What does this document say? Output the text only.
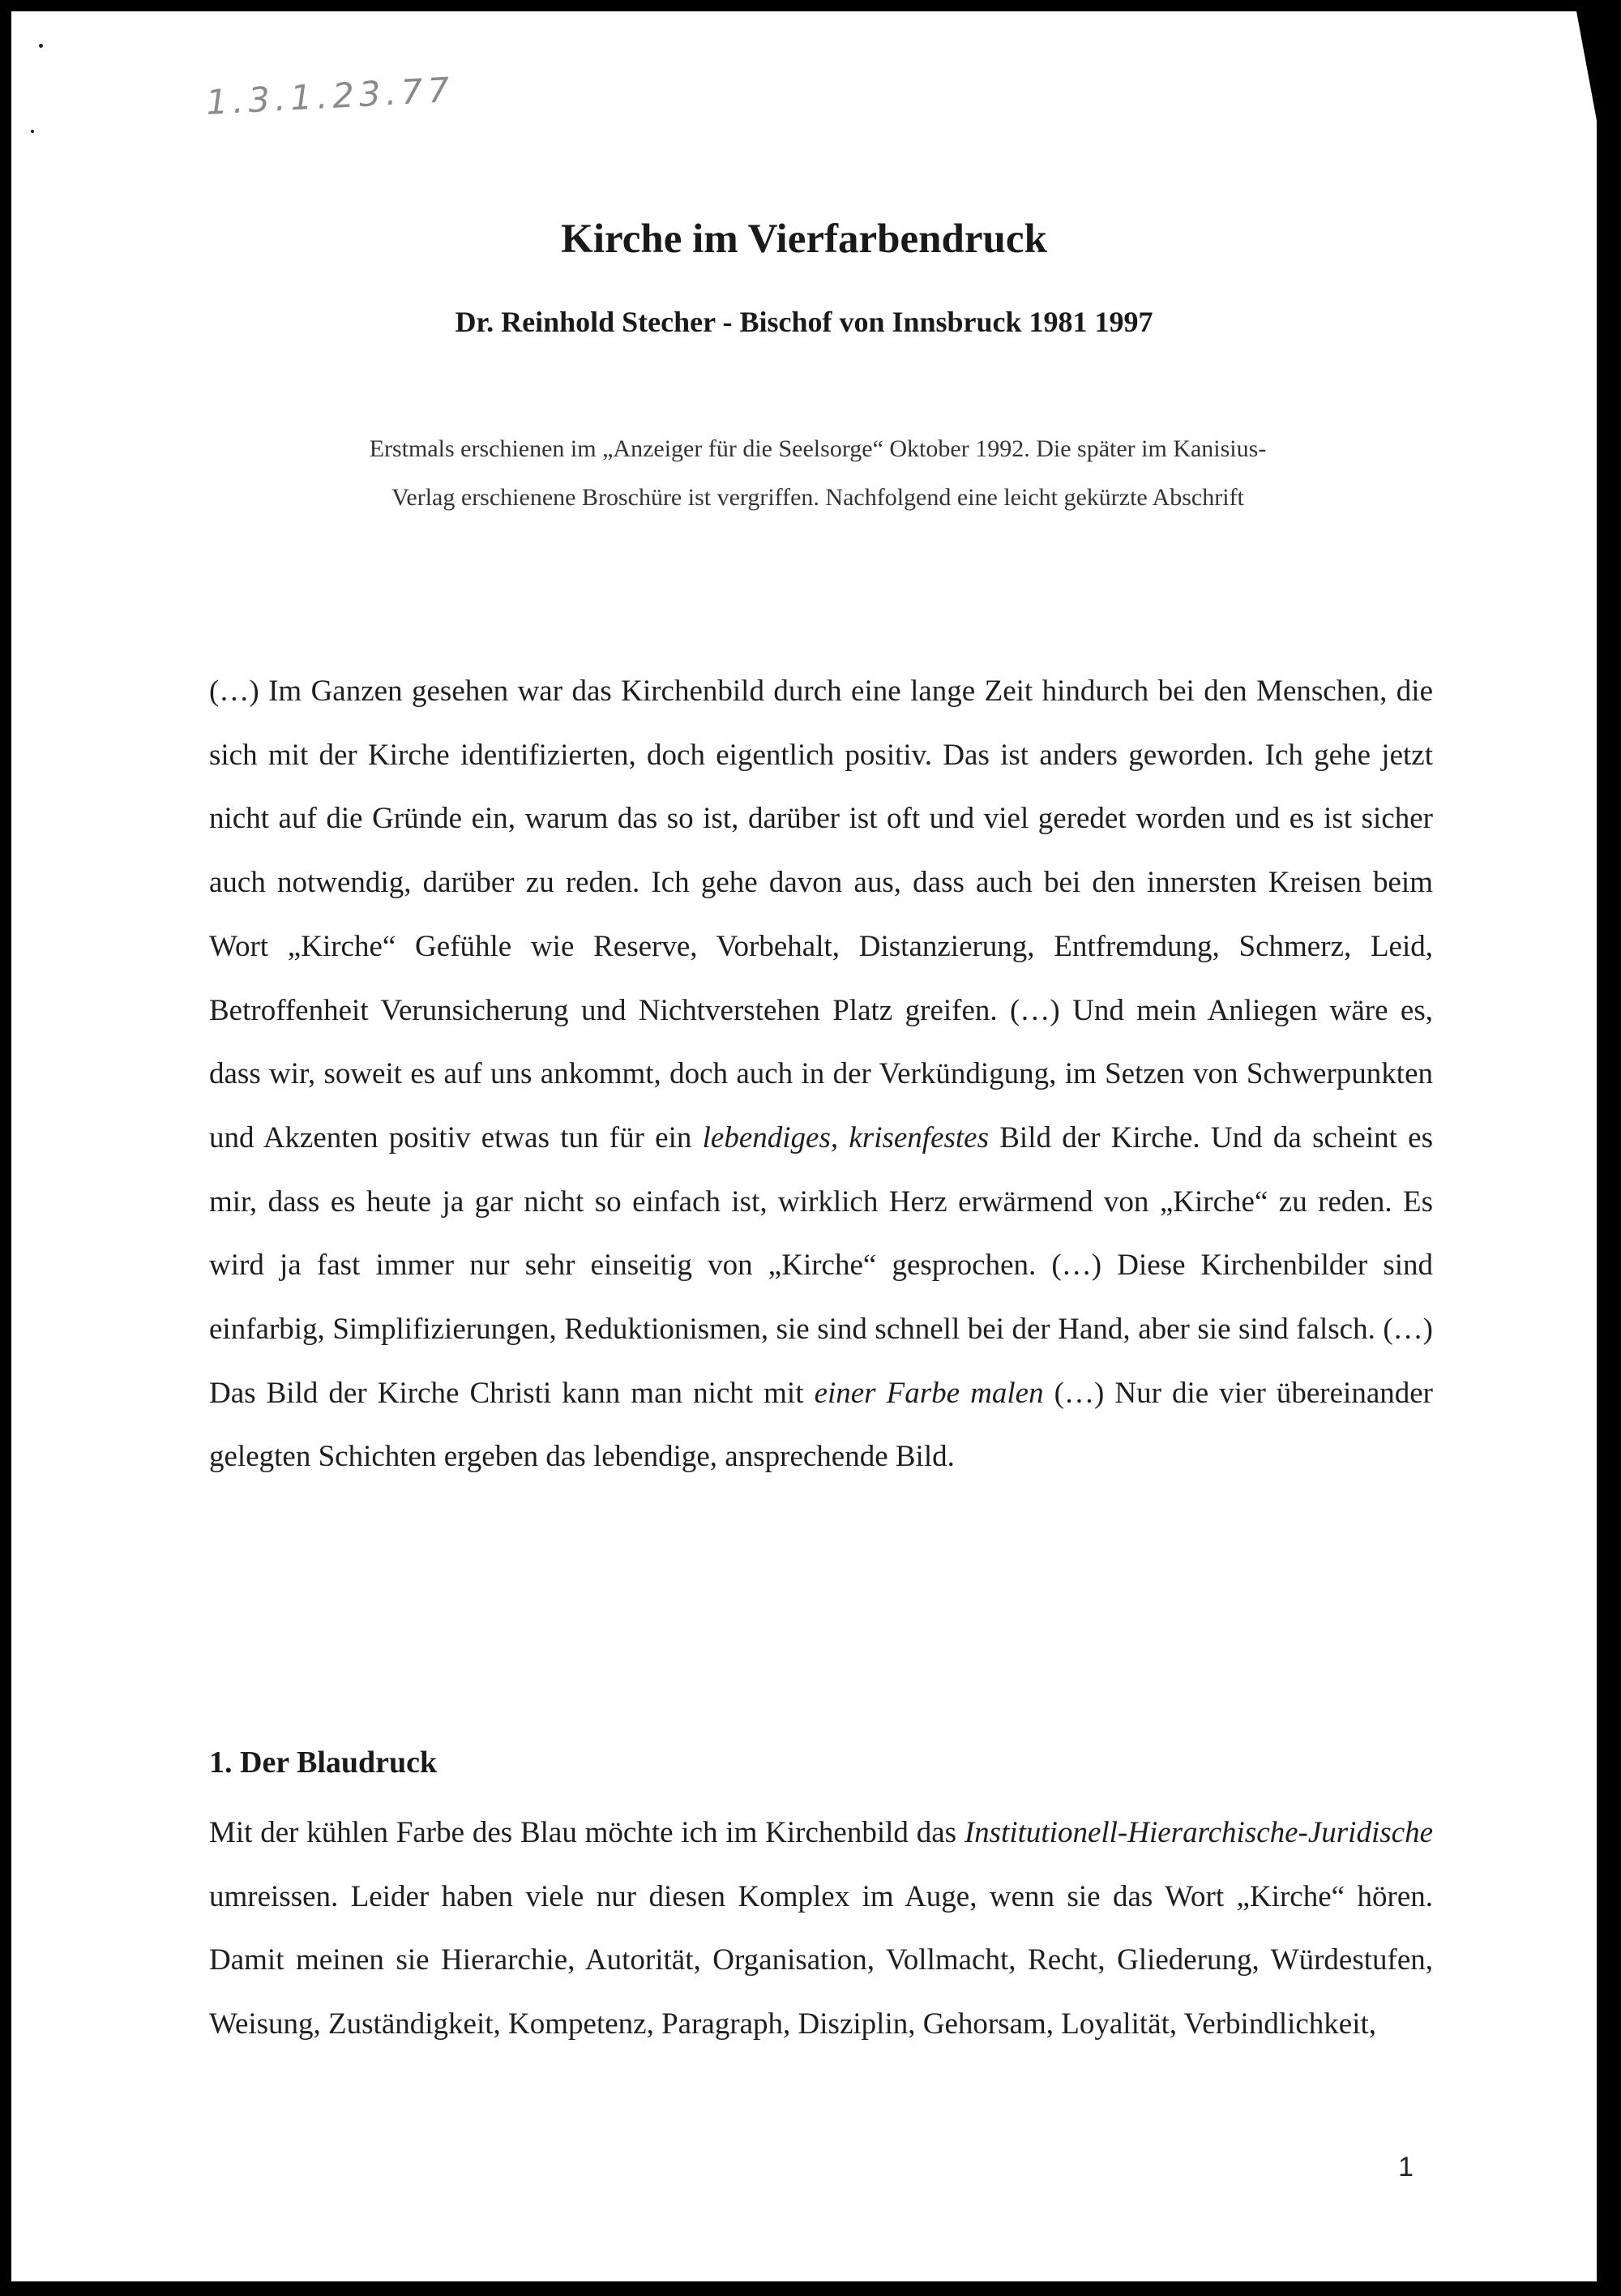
1.3.1.23.77
Kirche im Vierfarbendruck
Dr. Reinhold Stecher - Bischof von Innsbruck 1981 1997

Erstmals erschienen im „Anzeiger für die Seelsorge“ Oktober 1992. Die später im Kanisius-
Verlag erschienene Broschüre ist vergriffen. Nachfolgend eine leicht gekürzte Abschrift

(…) Im Ganzen gesehen war das Kirchenbild durch eine lange Zeit hindurch bei den Menschen, die sich mit der Kirche identifizierten, doch eigentlich positiv. Das ist anders geworden. Ich gehe jetzt nicht auf die Gründe ein, warum das so ist, darüber ist oft und viel geredet worden und es ist sicher auch notwendig, darüber zu reden. Ich gehe davon aus, dass auch bei den innersten Kreisen beim Wort „Kirche“ Gefühle wie Reserve, Vorbehalt, Distanzierung, Entfremdung, Schmerz, Leid, Betroffenheit Verunsicherung und Nichtverstehen Platz greifen. (…) Und mein Anliegen wäre es, dass wir, soweit es auf uns ankommt, doch auch in der Verkündigung, im Setzen von Schwerpunkten und Akzenten positiv etwas tun für ein lebendiges, krisenfestes Bild der Kirche. Und da scheint es mir, dass es heute ja gar nicht so einfach ist, wirklich Herz erwärmend von „Kirche“ zu reden. Es wird ja fast immer nur sehr einseitig von „Kirche“ gesprochen. (…) Diese Kirchenbilder sind einfarbig, Simplifizierungen, Reduktionismen, sie sind schnell bei der Hand, aber sie sind falsch. (…) Das Bild der Kirche Christi kann man nicht mit einer Farbe malen (…) Nur die vier übereinander gelegten Schichten ergeben das lebendige, ansprechende Bild.

1. Der Blaudruck

Mit der kühlen Farbe des Blau möchte ich im Kirchenbild das Institutionell-Hierarchische-Juridische umreissen. Leider haben viele nur diesen Komplex im Auge, wenn sie das Wort „Kirche“ hören. Damit meinen sie Hierarchie, Autorität, Organisation, Vollmacht, Recht, Gliederung, Würdestufen, Weisung, Zuständigkeit, Kompetenz, Paragraph, Disziplin, Gehorsam, Loyalität, Verbindlichkeit,

1
